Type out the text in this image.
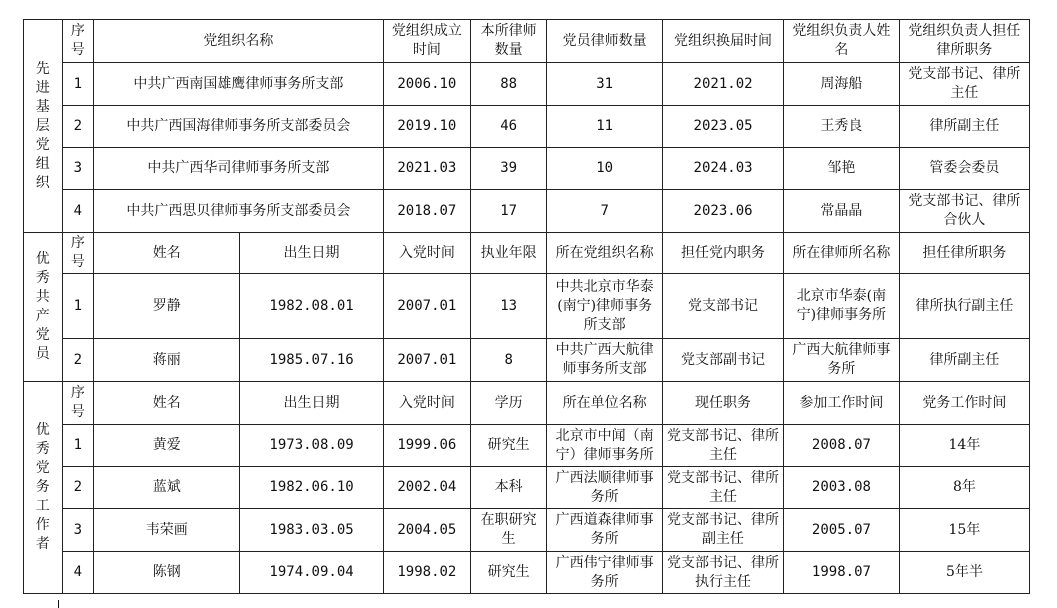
先进基层党组织	序号	党组织名称		党组织成立时间	本所律师数量	党员律师数量	党组织换届时间	党组织负责人姓名	党组织负责人担任律所职务
	1	中共广西南国雄鹰律师事务所支部		2006.10	88	31	2021.02	周海船	党支部书记、律所主任
	2	中共广西国海律师事务所支部委员会		2019.10	46	11	2023.05	王秀良	律所副主任
	3	中共广西华司律师事务所支部		2021.03	39	10	2024.03	邹艳	管委会委员
	4	中共广西思贝律师事务所支部委员会		2018.07	17	7	2023.06	常晶晶	党支部书记、律所合伙人
优秀共产党员	序号	姓名	出生日期	入党时间	执业年限	所在党组织名称	担任党内职务	所在律师所名称	担任律所职务
	1	罗静	1982.08.01	2007.01	13	中共北京市华泰(南宁)律师事务所支部	党支部书记	北京市华泰(南宁)律师事务所	律所执行副主任
	2	蒋丽	1985.07.16	2007.01	8	中共广西大航律师事务所支部	党支部副书记	广西大航律师事务所	律所副主任
优秀党务工作者	序号	姓名	出生日期	入党时间	学历	所在单位名称	现任职务	参加工作时间	党务工作时间
	1	黄爱	1973.08.09	1999.06	研究生	北京市中闻（南宁）律师事务所	党支部书记、律所主任	2008.07	14年
	2	蓝斌	1982.06.10	2002.04	本科	广西法顺律师事务所	党支部书记、律所主任	2003.08	8年
	3	韦荣画	1983.03.05	2004.05	在职研究生	广西道森律师事务所	党支部书记、律所副主任	2005.07	15年
	4	陈钢	1974.09.04	1998.02	研究生	广西伟宁律师事务所	党支部书记、律所执行主任	1998.07	5年半
